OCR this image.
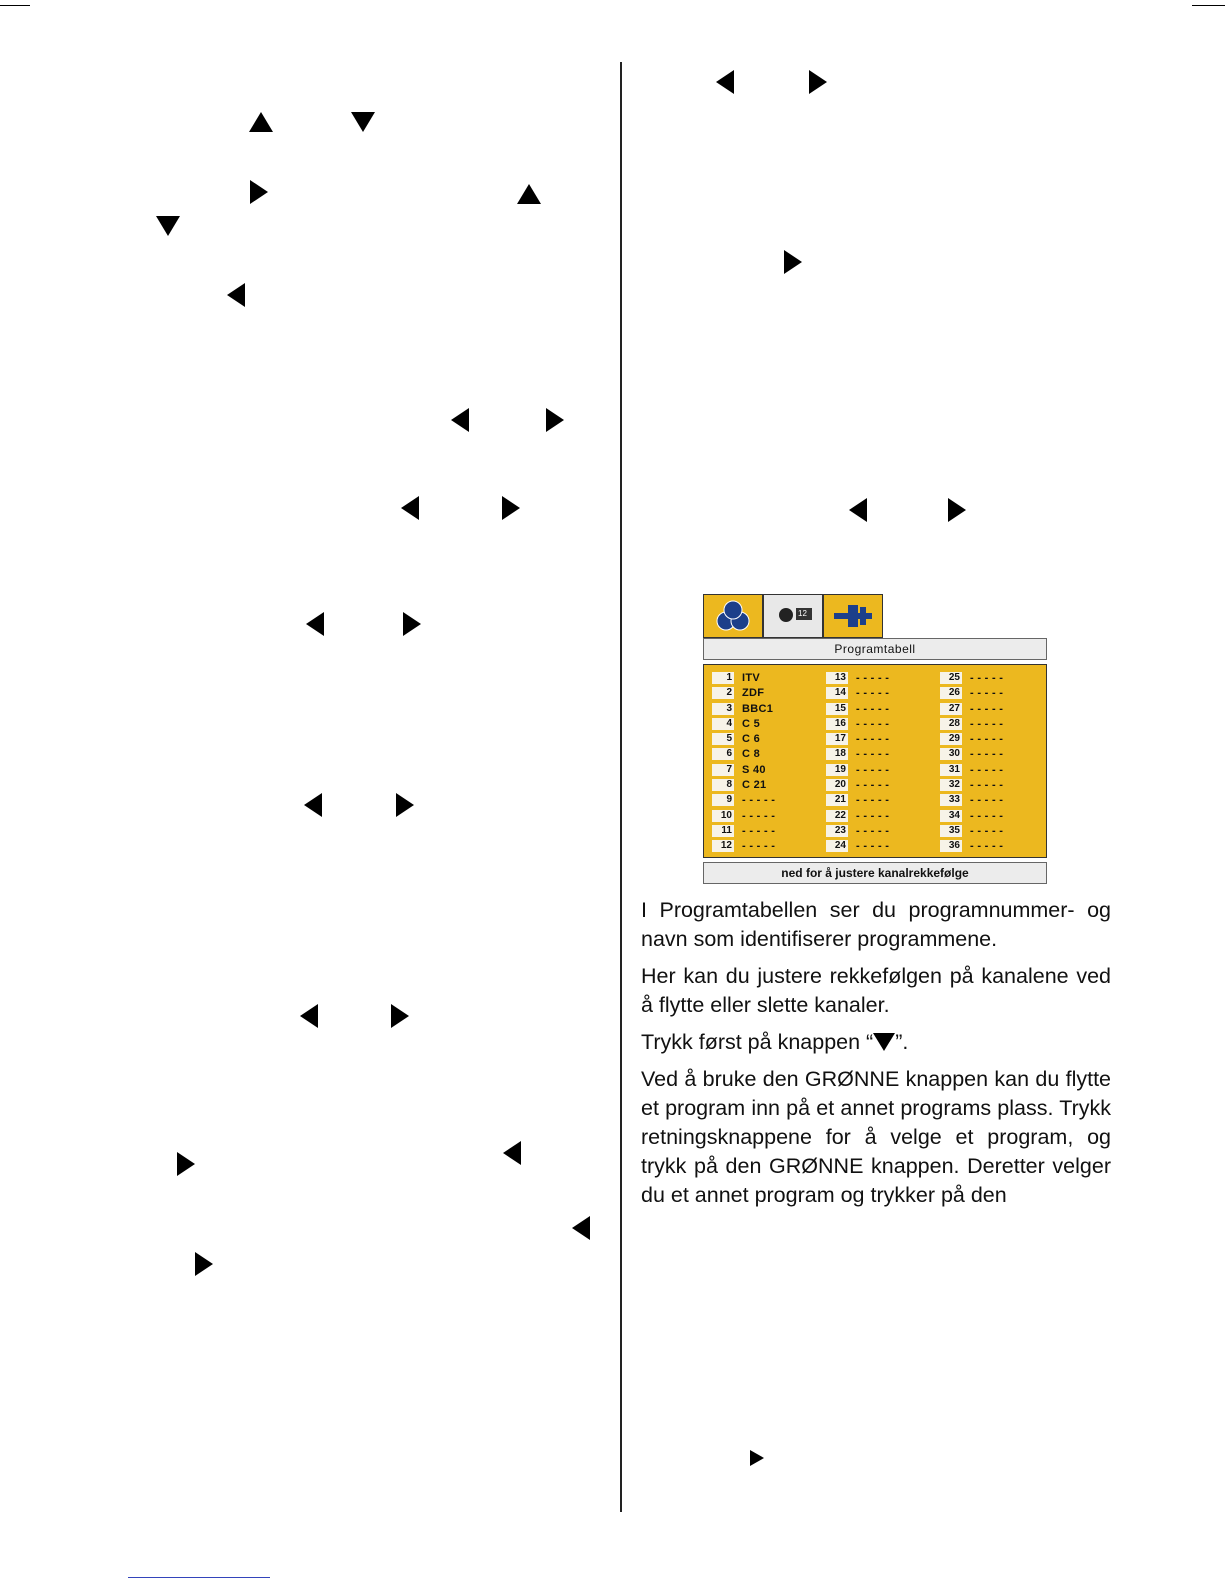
12
Programtabell
1 ITV
2 ZDF
3 BBC1
4 C 5
5 C 6
6 C 8
7 S 40
8 C 21
9 - - - - -
10 - - - - -
11 - - - - -
12 - - - - -
13 - - - - -
14 - - - - -
15 - - - - -
16 - - - - -
17 - - - - -
18 - - - - -
19 - - - - -
20 - - - - -
21 - - - - -
22 - - - - -
23 - - - - -
24 - - - - -
25 - - - - -
26 - - - - -
27 - - - - -
28 - - - - -
29 - - - - -
30 - - - - -
31 - - - - -
32 - - - - -
33 - - - - -
34 - - - - -
35 - - - - -
36 - - - - -
ned for å justere kanalrekkefølge

I Programtabellen ser du programnummer- og navn som identifiserer programmene.

Her kan du justere rekkefølgen på kanalene ved å flytte eller slette kanaler.

Trykk først på knappen “ ”.

Ved å bruke den GRØNNE knappen kan du flytte et program inn på et annet programs plass. Trykk retningsknappene for å velge et program, og trykk på den GRØNNE knappen. Deretter velger du et annet program og trykker på den
